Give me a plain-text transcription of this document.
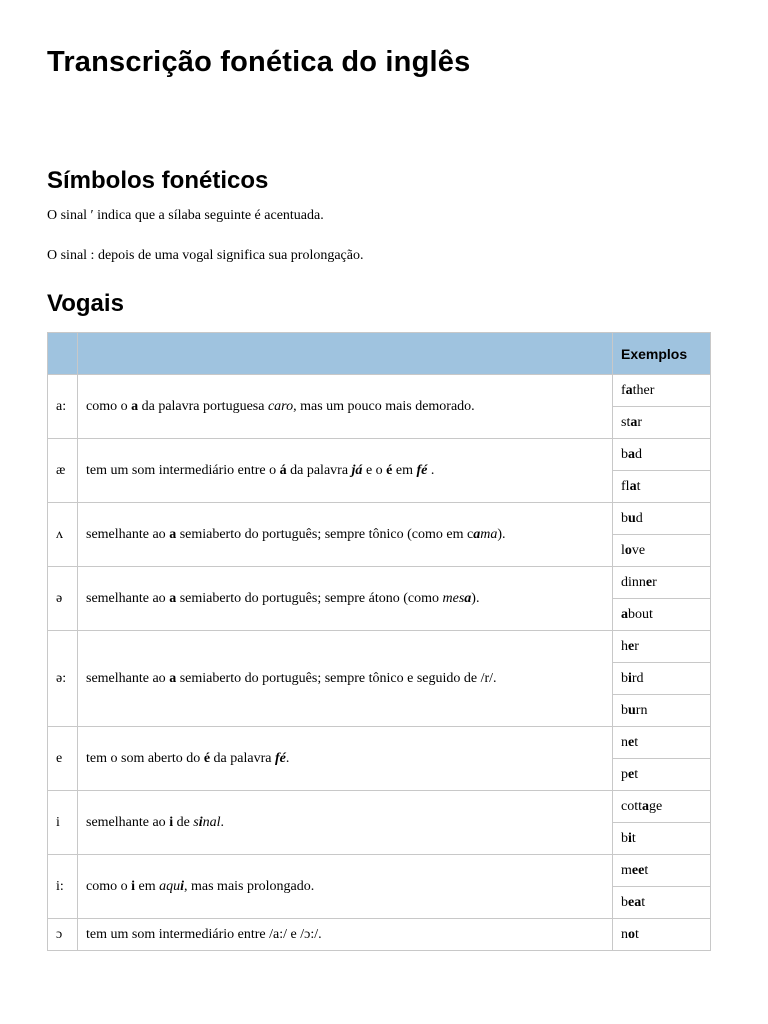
Transcrição fonética do inglês
Símbolos fonéticos

O sinal ′ indica que a sílaba seguinte é acentuada.

O sinal : depois de uma vogal significa sua prolongação.

Vogais
		Exemplos
a:	como o a da palavra portuguesa caro, mas um pouco mais demorado.	father
		star
æ	tem um som intermediário entre o á da palavra já e o é em fé .	bad
		flat
ʌ	semelhante ao a semiaberto do português; sempre tônico (como em cama).	bud
		love
ə	semelhante ao a semiaberto do português; sempre átono (como mesa).	dinner
		about
ə:	semelhante ao a semiaberto do português; sempre tônico e seguido de /r/.	her
		bird
		burn
e	tem o som aberto do é da palavra fé.	net
		pet
i	semelhante ao i de sinal.	cottage
		bit
i:	como o i em aqui, mas mais prolongado.	meet
		beat
ɔ	tem um som intermediário entre /a:/ e /ɔ:/.	not
